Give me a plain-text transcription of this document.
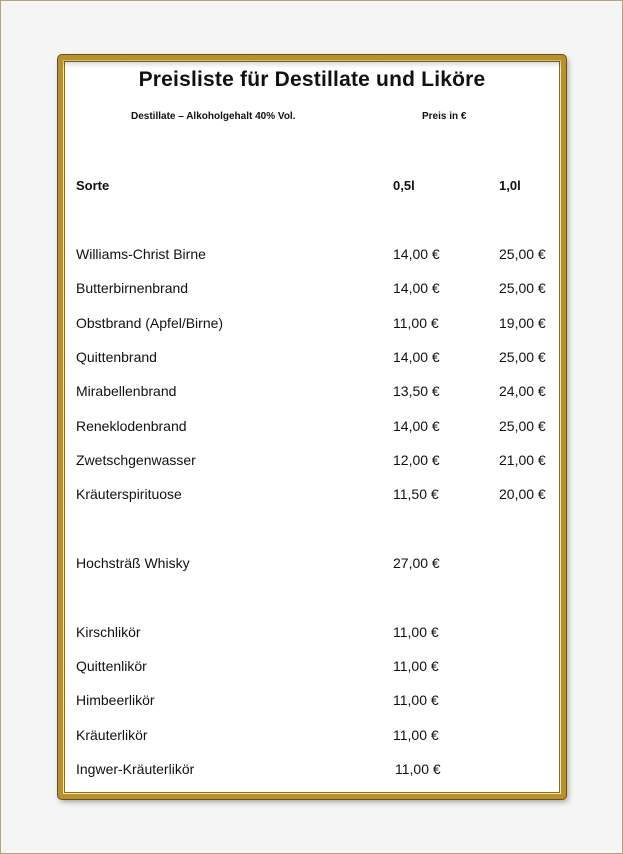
Preisliste für Destillate und Liköre
Destillate – Alkoholgehalt 40% Vol.	Preis in €
Sorte	0,5l	1,0l
Williams-Christ Birne	14,00 €	25,00 €
Butterbirnenbrand	14,00 €	25,00 €
Obstbrand (Apfel/Birne)	11,00 €	19,00 €
Quittenbrand	14,00 €	25,00 €
Mirabellenbrand	13,50 €	24,00 €
Reneklodenbrand	14,00 €	25,00 €
Zwetschgenwasser	12,00 €	21,00 €
Kräuterspirituose	11,50 €	20,00 €
Hochsträß Whisky	27,00 €
Kirschlikör	11,00 €
Quittenlikör	11,00 €
Himbeerlikör	11,00 €
Kräuterlikör	11,00 €
Ingwer-Kräuterlikör	11,00 €
